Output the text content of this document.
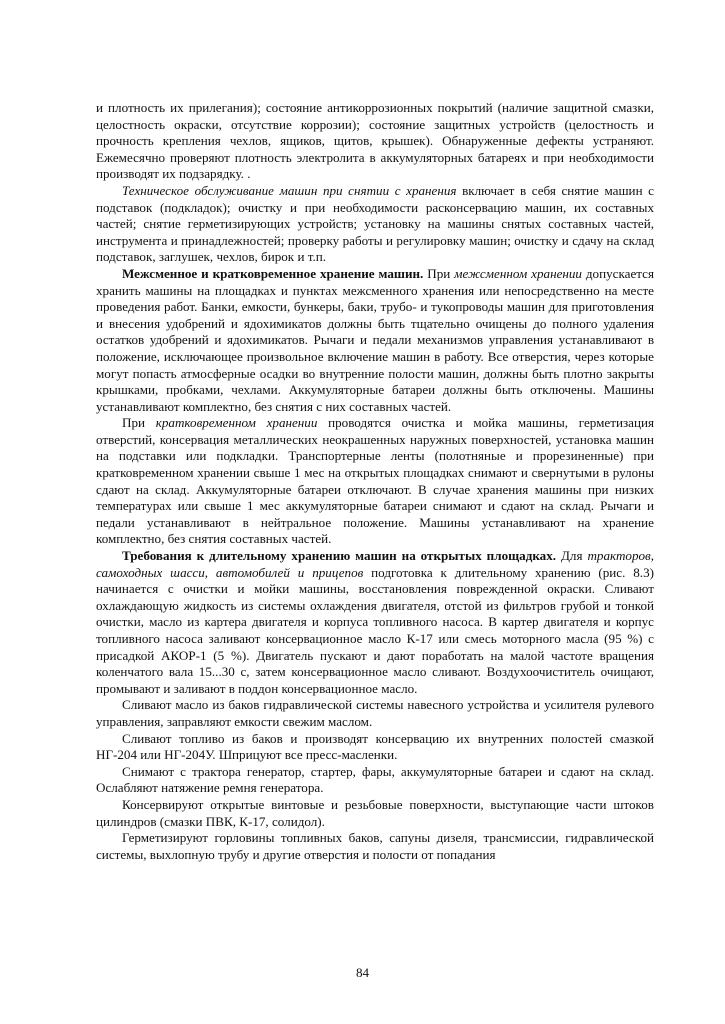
и плотность их прилегания); состояние антикоррозионных покрытий (наличие защитной смазки, целостность окраски, отсутствие коррозии); состояние защитных устройств (целостность и прочность крепления чехлов, ящиков, щитов, крышек). Обнаруженные дефекты устраняют. Ежемесячно проверяют плотность электролита в аккумуляторных батареях и при необходимости производят их подзарядку. .

Техническое обслуживание машин при снятии с хранения включает в себя снятие машин с подставок (подкладок); очистку и при необходимости расконсервацию машин, их составных частей; снятие герметизирующих устройств; установку на машины снятых составных частей, инструмента и принадлежностей; проверку работы и регулировку машин; очистку и сдачу на склад подставок, заглушек, чехлов, бирок и т.п.

Межсменное и кратковременное хранение машин. При межсменном хранении допускается хранить машины на площадках и пунктах межсменного хранения или непосредственно на месте проведения работ. Банки, емкости, бункеры, баки, трубо- и тукопроводы машин для приготовления и внесения удобрений и ядохимикатов должны быть тщательно очищены до полного удаления остатков удобрений и ядохимикатов. Рычаги и педали механизмов управления устанавливают в положение, исключающее произвольное включение машин в работу. Все отверстия, через которые могут попасть атмосферные осадки во внутренние полости машин, должны быть плотно закрыты крышками, пробками, чехлами. Аккумуляторные батареи должны быть отключены. Машины устанавливают комплектно, без снятия с них составных частей.

При кратковременном хранении проводятся очистка и мойка машины, герметизация отверстий, консервация металлических неокрашенных наружных поверхностей, установка машин на подставки или подкладки. Транспортерные ленты (полотняные и прорезиненные) при кратковременном хранении свыше 1 мес на открытых площадках снимают и свернутыми в рулоны сдают на склад. Аккумуляторные батареи отключают. В случае хранения машины при низких температурах или свыше 1 мес аккумуляторные батареи снимают и сдают на склад. Рычаги и педали устанавливают в нейтральное положение. Машины устанавливают на хранение комплектно, без снятия составных частей.

Требования к длительному хранению машин на открытых площадках. Для тракторов, самоходных шасси, автомобилей и прицепов подготовка к длительному хранению (рис. 8.3) начинается с очистки и мойки машины, восстановления поврежденной окраски. Сливают охлаждающую жидкость из системы охлаждения двигателя, отстой из фильтров грубой и тонкой очистки, масло из картера двигателя и корпуса топливного насоса. В картер двигателя и корпус топливного насоса заливают консервационное масло К-17 или смесь моторного масла (95 %) с присадкой АКОР-1 (5 %). Двигатель пускают и дают поработать на малой частоте вращения коленчатого вала 15...30 с, затем консервационное масло сливают. Воздухоочиститель очищают, промывают и заливают в поддон консервационное масло.

Сливают масло из баков гидравлической системы навесного устройства и усилителя рулевого управления, заправляют емкости свежим маслом.

Сливают топливо из баков и производят консервацию их внутренних полостей смазкой НГ-204 или НГ-204У. Шприцуют все пресс-масленки.

Снимают с трактора генератор, стартер, фары, аккумуляторные батареи и сдают на склад. Ослабляют натяжение ремня генератора.

Консервируют открытые винтовые и резьбовые поверхности, выступающие части штоков цилиндров (смазки ПВК, К-17, солидол).

Герметизируют горловины топливных баков, сапуны дизеля, трансмиссии, гидравлической системы, выхлопную трубу и другие отверстия и полости от попадания

84
